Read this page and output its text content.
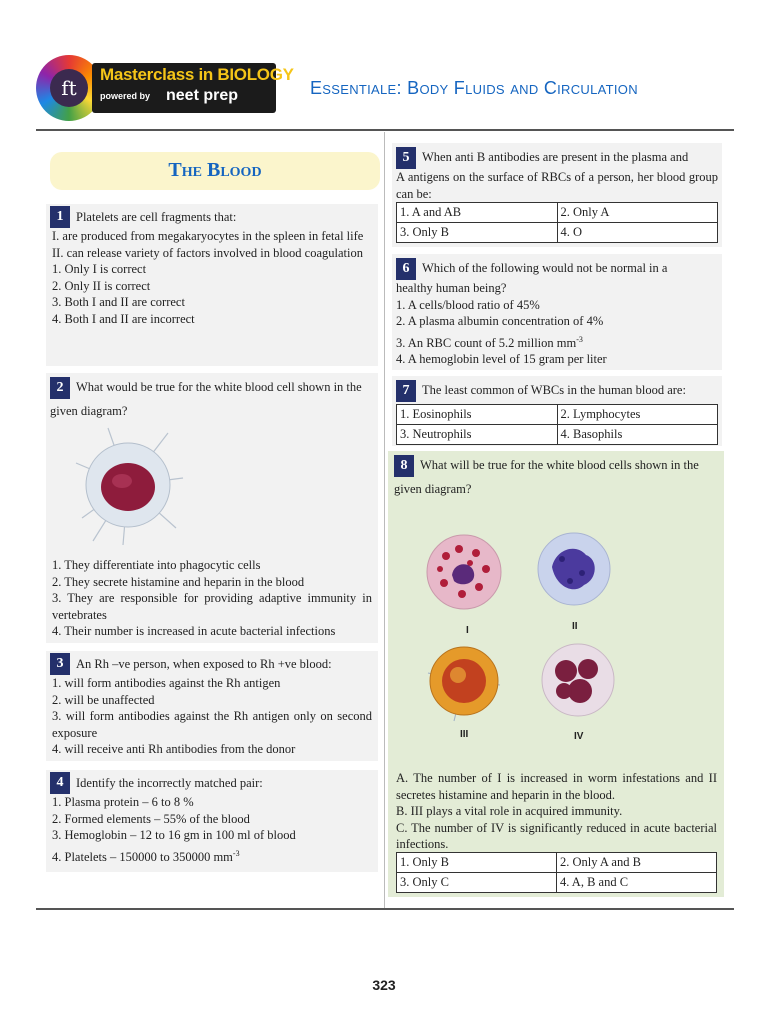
ft
Masterclass in BIOLOGY
powered by neet prep	Essentiale: Body Fluids and Circulation
The Blood
1 Platelets are cell fragments that:
I. are produced from megakaryocytes in the spleen in fetal life
II. can release variety of factors involved in blood coagulation
1. Only I is correct
2. Only II is correct
3. Both I and II are correct
4. Both I and II are incorrect
2 What would be true for the white blood cell shown in the given diagram?
1. They differentiate into phagocytic cells
2. They secrete histamine and heparin in the blood
3. They are responsible for providing adaptive immunity in vertebrates
4. Their number is increased in acute bacterial infections
3 An Rh –ve person, when exposed to Rh +ve blood:
1. will form antibodies against the Rh antigen
2. will be unaffected
3. will form antibodies against the Rh antigen only on second exposure
4. will receive anti Rh antibodies from the donor
4 Identify the incorrectly matched pair:
1. Plasma protein – 6 to 8 %
2. Formed elements – 55% of the blood
3. Hemoglobin – 12 to 16 gm in 100 ml of blood
4. Platelets – 150000 to 350000 $mm^{-3}$
5 When anti B antibodies are present in the plasma and
A antigens on the surface of RBCs of a person, her blood group can be:
1. A and AB	2. Only A
3. Only B	4. O
6 Which of the following would not be normal in a
healthy human being?
1. A cells/blood ratio of 45%
2. A plasma albumin concentration of 4%
3. An RBC count of 5.2 million $mm^{-3}$
4. A hemoglobin level of 15 gram per liter
7 The least common of WBCs in the human blood are:
1. Eosinophils	2. Lymphocytes
3. Neutrophils	4. Basophils
8 What will be true for the white blood cells shown in the given diagram?
I	II
III	IV
A. The number of I is increased in worm infestations and II secretes histamine and heparin in the blood.
B. III plays a vital role in acquired immunity.
C. The number of IV is significantly reduced in acute bacterial infections.
1. Only B	2. Only A and B
3. Only C	4. A, B and C
323
